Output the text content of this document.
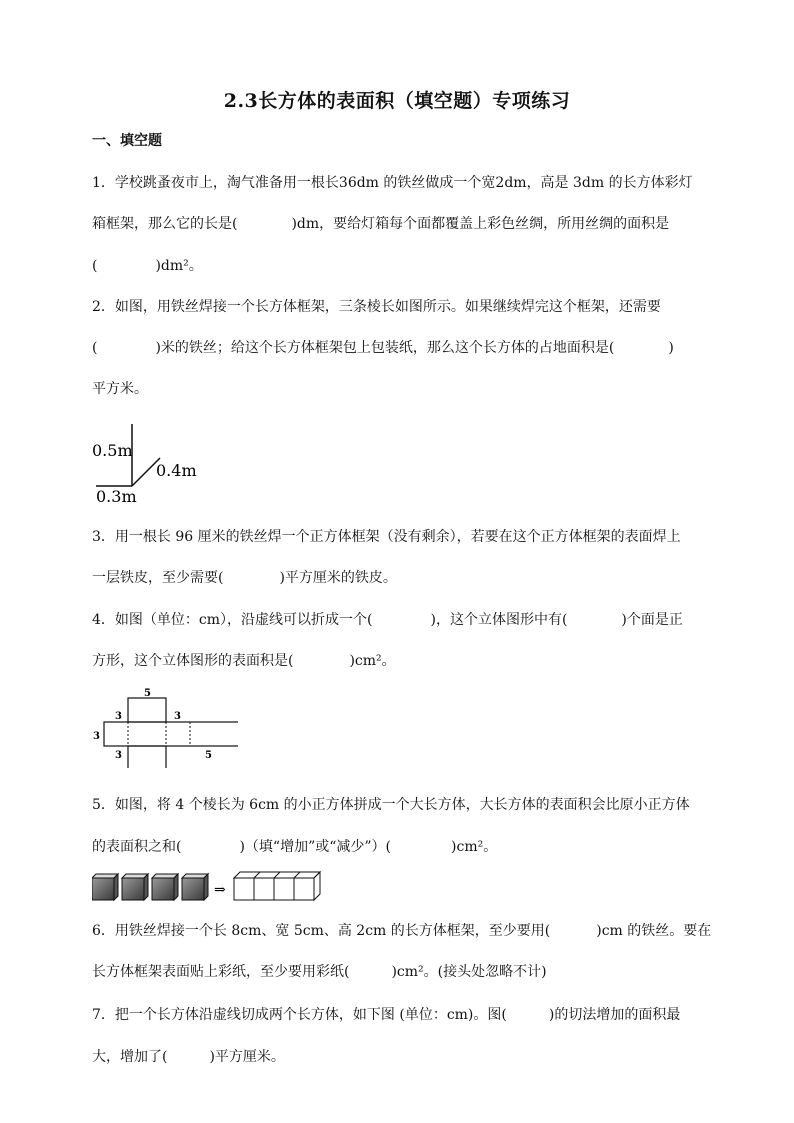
2.3长方体的表面积（填空题）专项练习
一、填空题
1．学校跳蚤夜市上，淘气准备用一根长36dm 的铁丝做成一个宽2dm，高是 3dm 的长方体彩灯
箱框架，那么它的长是(	)dm，要给灯箱每个面都覆盖上彩色丝绸，所用丝绸的面积是
(	)dm²。
2．如图，用铁丝焊接一个长方体框架，三条棱长如图所示。如果继续焊完这个框架，还需要
(	)米的铁丝；给这个长方体框架包上包装纸，那么这个长方体的占地面积是(	)
平方米。
0.5m
0.4m
0.3m
3．用一根长 96 厘米的铁丝焊一个正方体框架（没有剩余），若要在这个正方体框架的表面焊上
一层铁皮，至少需要(	)平方厘米的铁皮。
4．如图（单位：cm），沿虚线可以折成一个(	)，这个立体图形中有(	)个面是正
方形，这个立体图形的表面积是(	)cm²。
5
3	3
3
3	5
5．如图，将 4 个棱长为 6cm 的小正方体拼成一个大长方体，大长方体的表面积会比原小正方体
的表面积之和(	)（填“增加”或“减少”）(	)cm²。
⇒
6．用铁丝焊接一个长 8cm、宽 5cm、高 2cm 的长方体框架，至少要用(	)cm 的铁丝。要在
长方体框架表面贴上彩纸，至少要用彩纸(	)cm²。(接头处忽略不计)
7．把一个长方体沿虚线切成两个长方体，如下图 (单位：cm)。图(	)的切法增加的面积最
大，增加了(	)平方厘米。
